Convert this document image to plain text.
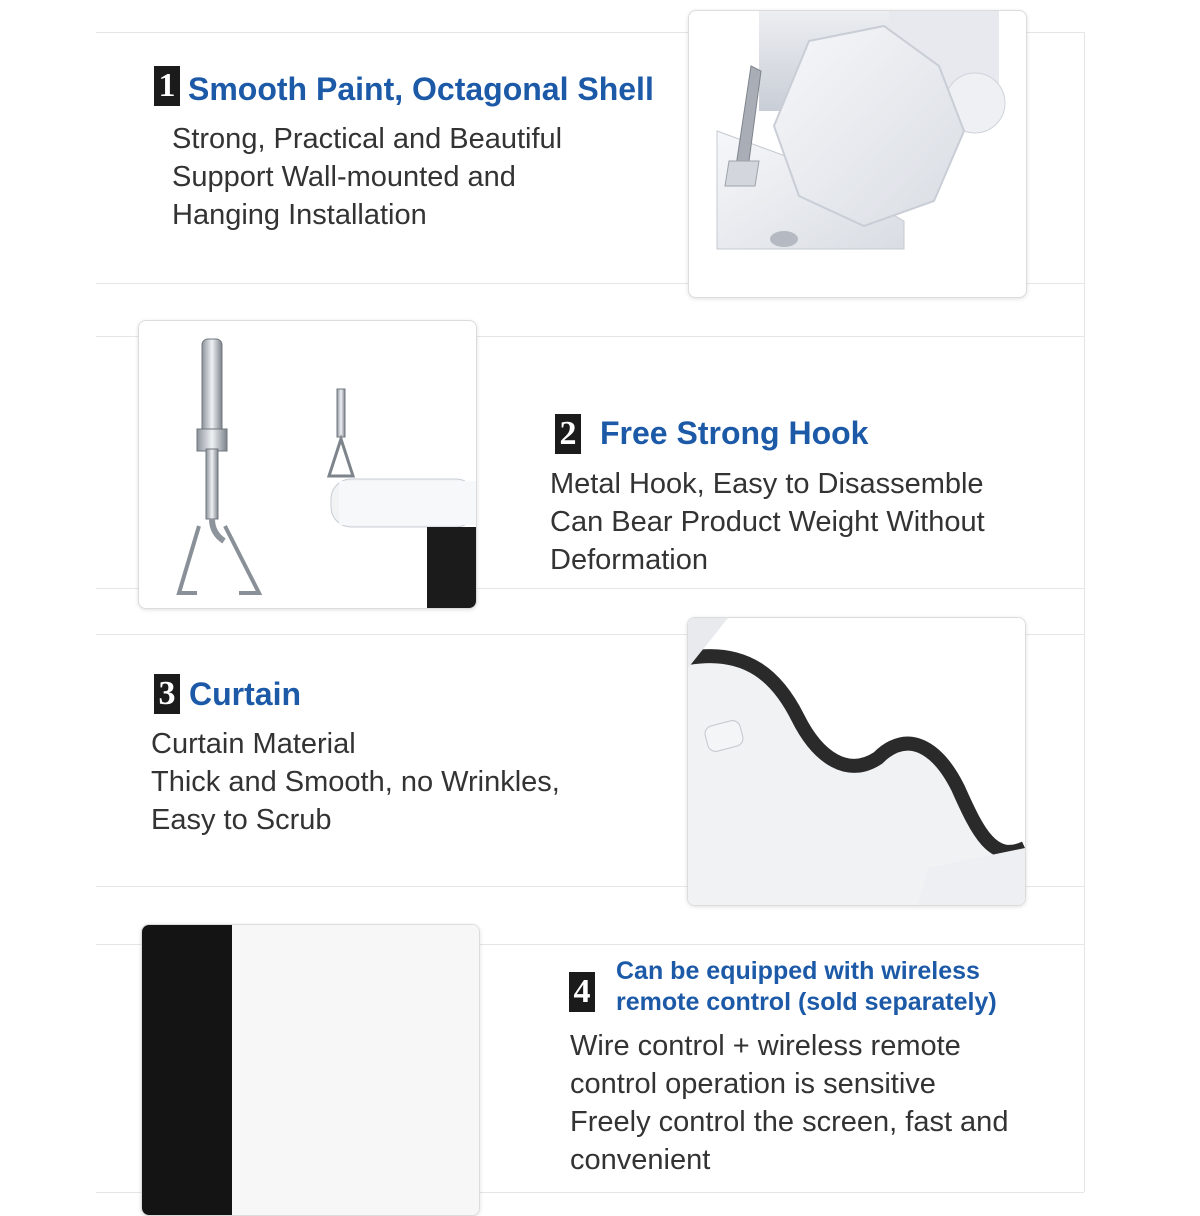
1 Smooth Paint, Octagonal Shell
Strong, Practical and Beautiful
Support Wall-mounted and
Hanging Installation
2 Free Strong Hook
Metal Hook, Easy to Disassemble
Can Bear Product Weight Without
Deformation
3 Curtain
Curtain Material
Thick and Smooth, no Wrinkles,
Easy to Scrub
4
Can be equipped with wireless
remote control (sold separately)
Wire control + wireless remote
control operation is sensitive
Freely control the screen, fast and
convenient
